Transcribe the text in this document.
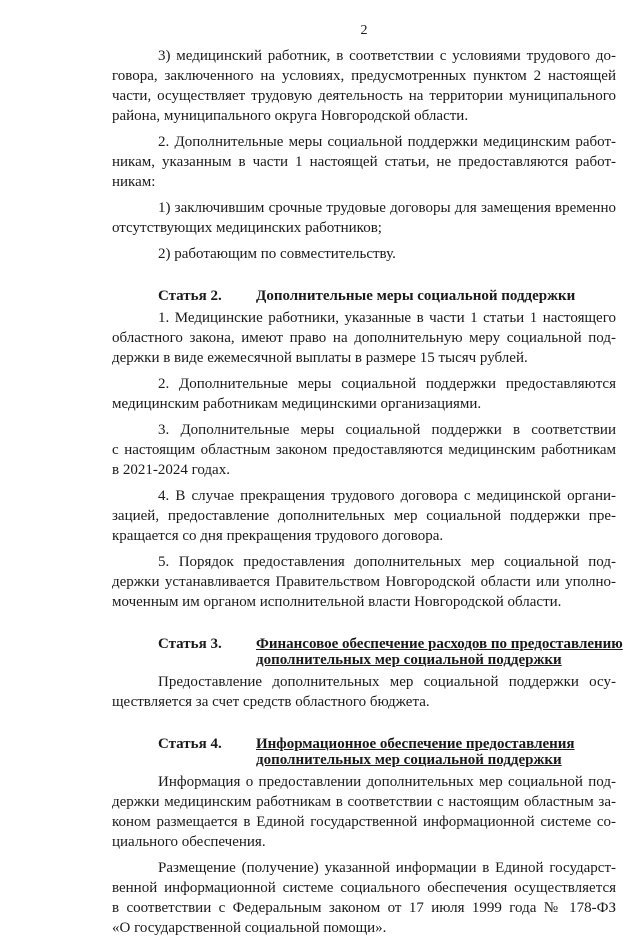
2
3) медицинский работник, в соответствии с условиями трудового до-
говора, заключенного на условиях, предусмотренных пунктом 2 настоящей
части, осуществляет трудовую деятельность на территории муниципального
района, муниципального округа Новгородской области.
2. Дополнительные меры социальной поддержки медицинским работ-
никам, указанным в части 1 настоящей статьи, не предоставляются работ-
никам:
1) заключившим срочные трудовые договоры для замещения временно
отсутствующих медицинских работников;
2) работающим по совместительству.
Статья 2.	Дополнительные меры социальной поддержки
1. Медицинские работники, указанные в части 1 статьи 1 настоящего
областного закона, имеют право на дополнительную меру социальной под-
держки в виде ежемесячной выплаты в размере 15 тысяч рублей.
2. Дополнительные меры социальной поддержки предоставляются
медицинским работникам медицинскими организациями.
3. Дополнительные меры социальной поддержки в соответствии
с настоящим областным законом предоставляются медицинским работникам
в 2021-2024 годах.
4. В случае прекращения трудового договора с медицинской органи-
зацией, предоставление дополнительных мер социальной поддержки пре-
кращается со дня прекращения трудового договора.
5. Порядок предоставления дополнительных мер социальной под-
держки устанавливается Правительством Новгородской области или уполно-
моченным им органом исполнительной власти Новгородской области.
Статья 3.	Финансовое обеспечение расходов по предоставлению
дополнительных мер социальной поддержки
Предоставление дополнительных мер социальной поддержки осу-
ществляется за счет средств областного бюджета.
Статья 4.	Информационное обеспечение предоставления
дополнительных мер социальной поддержки
Информация о предоставлении дополнительных мер социальной под-
держки медицинским работникам в соответствии с настоящим областным за-
коном размещается в Единой государственной информационной системе со-
циального обеспечения.
Размещение (получение) указанной информации в Единой государст-
венной информационной системе социального обеспечения осуществляется
в соответствии с Федеральным законом от 17 июля 1999 года № 178-ФЗ
«О государственной социальной помощи».
